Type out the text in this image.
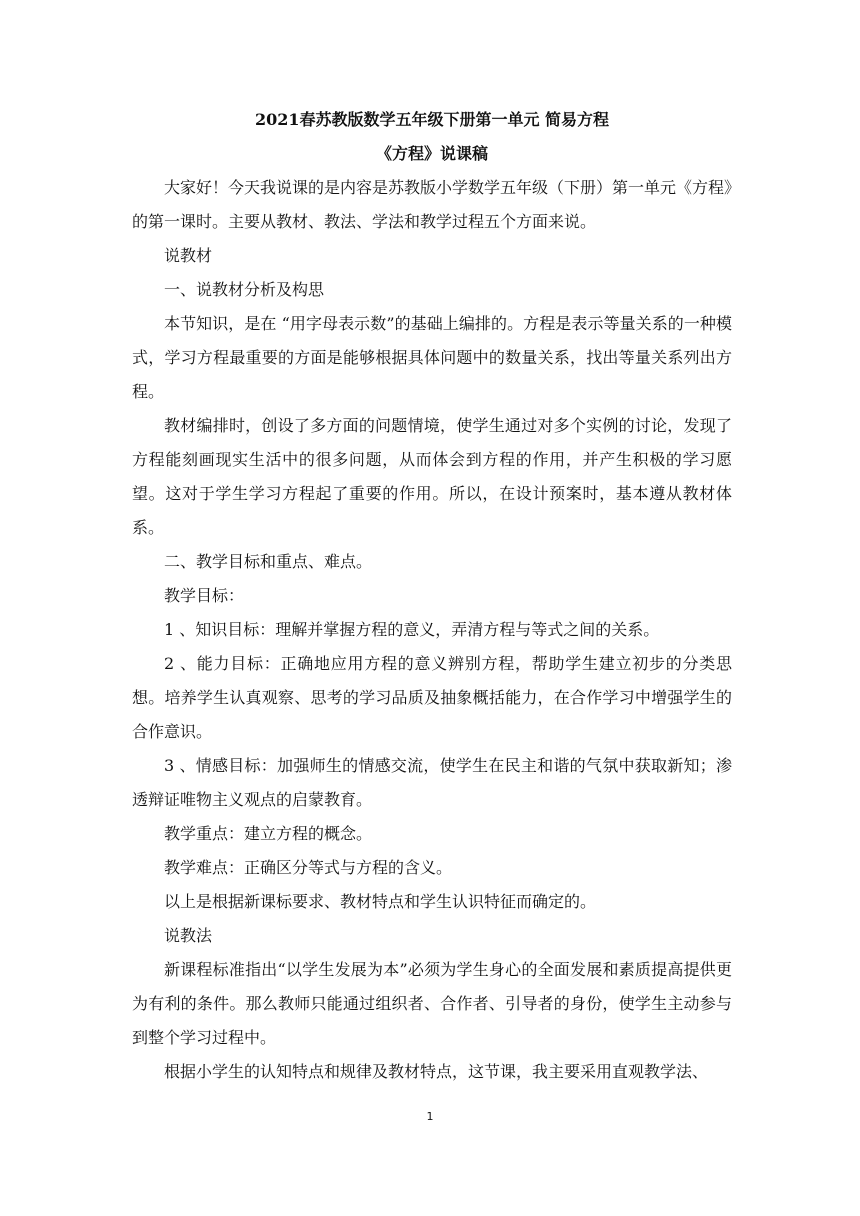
2021春苏教版数学五年级下册第一单元 简易方程
《方程》说课稿

大家好！今天我说课的是内容是苏教版小学数学五年级（下册）第一单元《方程》的第一课时。主要从教材、教法、学法和教学过程五个方面来说。

说教材

一、说教材分析及构思

本节知识，是在 “用字母表示数”的基础上编排的。方程是表示等量关系的一种模式，学习方程最重要的方面是能够根据具体问题中的数量关系，找出等量关系列出方程。

教材编排时，创设了多方面的问题情境，使学生通过对多个实例的讨论，发现了方程能刻画现实生活中的很多问题，从而体会到方程的作用，并产生积极的学习愿望。这对于学生学习方程起了重要的作用。所以，在设计预案时，基本遵从教材体系。

二、教学目标和重点、难点。

教学目标：

1 、知识目标：理解并掌握方程的意义，弄清方程与等式之间的关系。

2 、能力目标：正确地应用方程的意义辨别方程，帮助学生建立初步的分类思想。培养学生认真观察、思考的学习品质及抽象概括能力，在合作学习中增强学生的合作意识。

3 、情感目标：加强师生的情感交流，使学生在民主和谐的气氛中获取新知；渗透辩证唯物主义观点的启蒙教育。

教学重点：建立方程的概念。

教学难点：正确区分等式与方程的含义。

以上是根据新课标要求、教材特点和学生认识特征而确定的。

说教法

新课程标准指出“以学生发展为本”必须为学生身心的全面发展和素质提高提供更为有利的条件。那么教师只能通过组织者、合作者、引导者的身份，使学生主动参与到整个学习过程中。

根据小学生的认知特点和规律及教材特点，这节课，我主要采用直观教学法、

1
